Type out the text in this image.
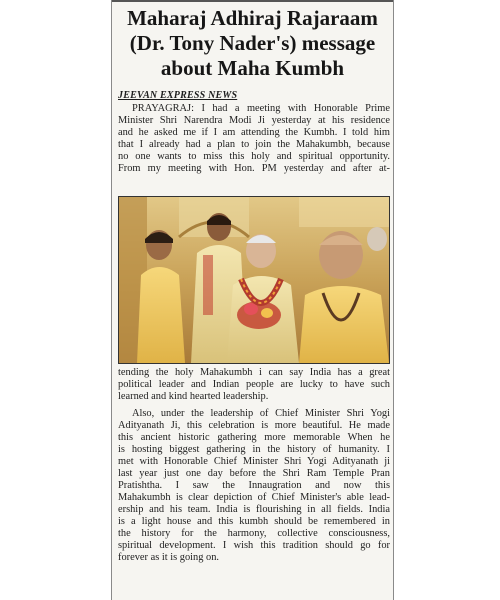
Maharaj Adhiraj Rajaraam
(Dr. Tony Nader's) message
about Maha Kumbh
JEEVAN EXPRESS NEWS
PRAYAGRAJ: I had a meeting with Honorable Prime
Minister Shri Narendra Modi Ji yesterday at his residence
and he asked me if I am attending the Kumbh. I told him
that I already had a plan to join the Mahakumbh, because
no one wants to miss this holy and spiritual opportunity.
From my meeting with Hon. PM yesterday and after at-
tending the holy Mahakumbh i can say India has a great
political leader and Indian people are lucky to have such
learned and kind hearted leadership.
Also, under the leadership of Chief Minister Shri Yogi
Adityanath Ji, this celebration is more beautiful. He made
this ancient historic gathering more memorable When he
is hosting biggest gathering in the history of humanity. I
met with Honorable Chief Minister Shri Yogi Adityanath ji
last year just one day before the Shri Ram Temple Pran
Pratishtha. I saw the Innaugration and now this
Mahakumbh is clear depiction of Chief Minister's able lead-
ership and his team. India is flourishing in all fields. India
is a light house and this kumbh should be remembered in
the history for the harmony, collective consciousness,
spiritual development. I wish this tradition should go for
forever as it is going on.
